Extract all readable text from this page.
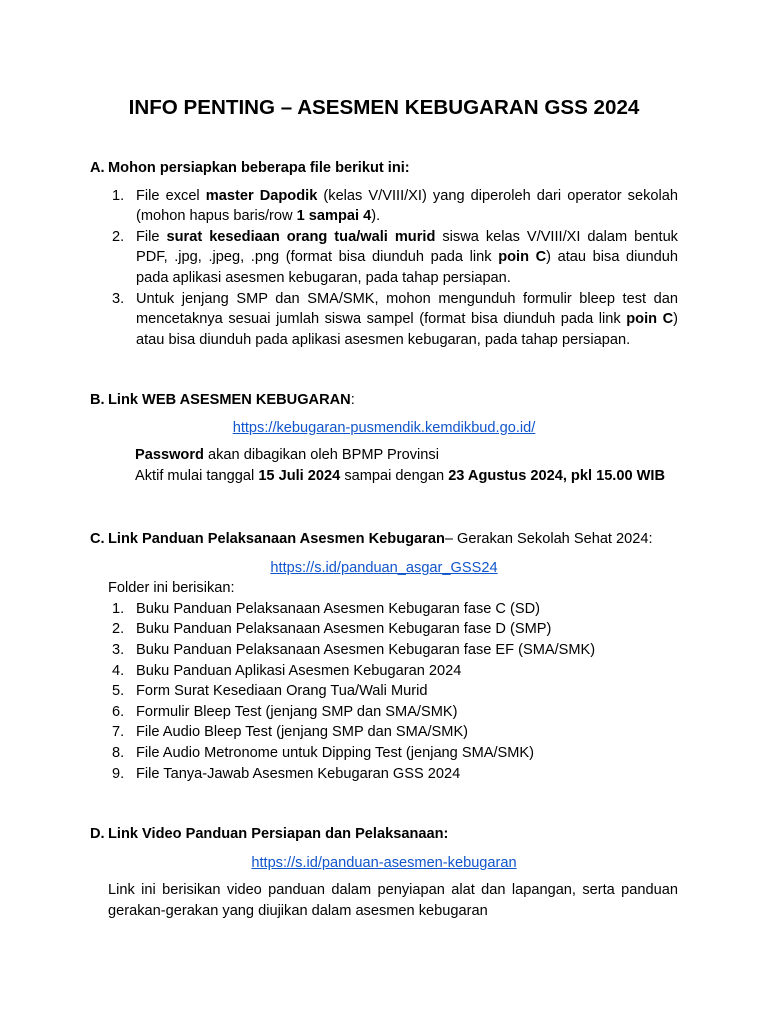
INFO PENTING – ASESMEN KEBUGARAN GSS 2024
A. Mohon persiapkan beberapa file berikut ini:
1. File excel master Dapodik (kelas V/VIII/XI) yang diperoleh dari operator sekolah (mohon hapus baris/row 1 sampai 4).
2. File surat kesediaan orang tua/wali murid siswa kelas V/VIII/XI dalam bentuk PDF, .jpg, .jpeg, .png (format bisa diunduh pada link poin C) atau bisa diunduh pada aplikasi asesmen kebugaran, pada tahap persiapan.
3. Untuk jenjang SMP dan SMA/SMK, mohon mengunduh formulir bleep test dan mencetaknya sesuai jumlah siswa sampel (format bisa diunduh pada link poin C) atau bisa diunduh pada aplikasi asesmen kebugaran, pada tahap persiapan.
B. Link WEB ASESMEN KEBUGARAN :
https://kebugaran-pusmendik.kemdikbud.go.id/
Password akan dibagikan oleh BPMP Provinsi
Aktif mulai tanggal 15 Juli 2024 sampai dengan 23 Agustus 2024, pkl 15.00 WIB
C. Link Panduan Pelaksanaan Asesmen Kebugaran – Gerakan Sekolah Sehat 2024:
https://s.id/panduan_asgar_GSS24
Folder ini berisikan:
1. Buku Panduan Pelaksanaan Asesmen Kebugaran fase C (SD)
2. Buku Panduan Pelaksanaan Asesmen Kebugaran fase D (SMP)
3. Buku Panduan Pelaksanaan Asesmen Kebugaran fase EF (SMA/SMK)
4. Buku Panduan Aplikasi Asesmen Kebugaran 2024
5. Form Surat Kesediaan Orang Tua/Wali Murid
6. Formulir Bleep Test (jenjang SMP dan SMA/SMK)
7. File Audio Bleep Test (jenjang SMP dan SMA/SMK)
8. File Audio Metronome untuk Dipping Test (jenjang SMA/SMK)
9. File Tanya-Jawab Asesmen Kebugaran GSS 2024
D. Link Video Panduan Persiapan dan Pelaksanaan:
https://s.id/panduan-asesmen-kebugaran
Link ini berisikan video panduan dalam penyiapan alat dan lapangan, serta panduan gerakan-gerakan yang diujikan dalam asesmen kebugaran
